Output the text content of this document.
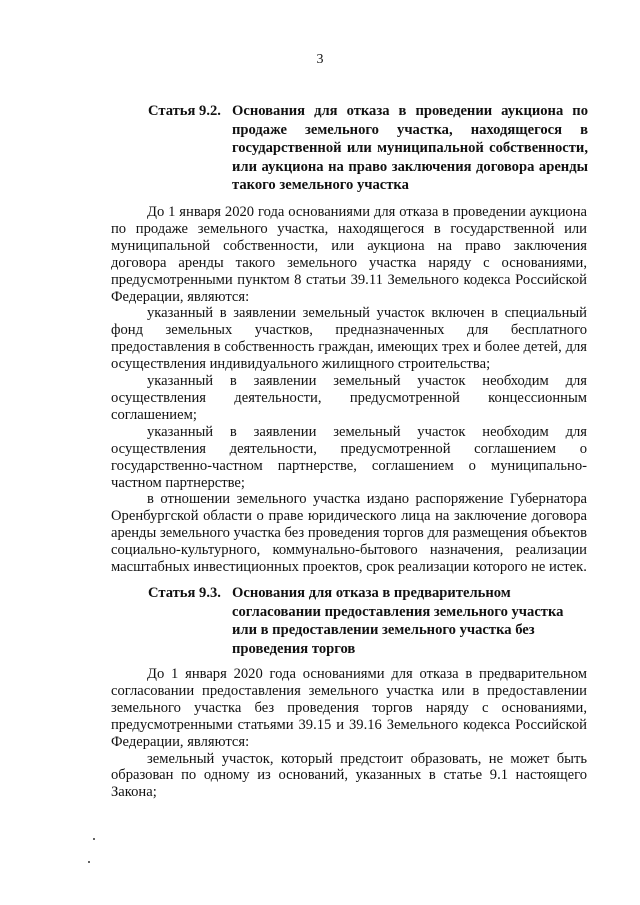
3
Статья 9.2. Основания для отказа в проведении аукциона по продаже земельного участка, находящегося в государственной или муниципальной собственности, или аукциона на право заключения договора аренды такого земельного участка

До 1 января 2020 года основаниями для отказа в проведении аукциона по продаже земельного участка, находящегося в государственной или муниципальной собственности, или аукциона на право заключения договора аренды такого земельного участка наряду с основаниями, предусмотренными пунктом 8 статьи 39.11 Земельного кодекса Российской Федерации, являются:

указанный в заявлении земельный участок включен в специальный фонд земельных участков, предназначенных для бесплатного предоставления в собственность граждан, имеющих трех и более детей, для осуществления индивидуального жилищного строительства;

указанный в заявлении земельный участок необходим для осуществления деятельности, предусмотренной концессионным соглашением;

указанный в заявлении земельный участок необходим для осуществления деятельности, предусмотренной соглашением о государственно-частном партнерстве, соглашением о муниципально-частном партнерстве;

в отношении земельного участка издано распоряжение Губернатора Оренбургской области о праве юридического лица на заключение договора аренды земельного участка без проведения торгов для размещения объектов социально-культурного, коммунально-бытового назначения, реализации масштабных инвестиционных проектов, срок реализации которого не истек.

Статья 9.3. Основания для отказа в предварительном согласовании предоставления земельного участка или в предоставлении земельного участка без проведения торгов

До 1 января 2020 года основаниями для отказа в предварительном согласовании предоставления земельного участка или в предоставлении земельного участка без проведения торгов наряду с основаниями, предусмотренными статьями 39.15 и 39.16 Земельного кодекса Российской Федерации, являются:

земельный участок, который предстоит образовать, не может быть образован по одному из оснований, указанных в статье 9.1 настоящего Закона;
